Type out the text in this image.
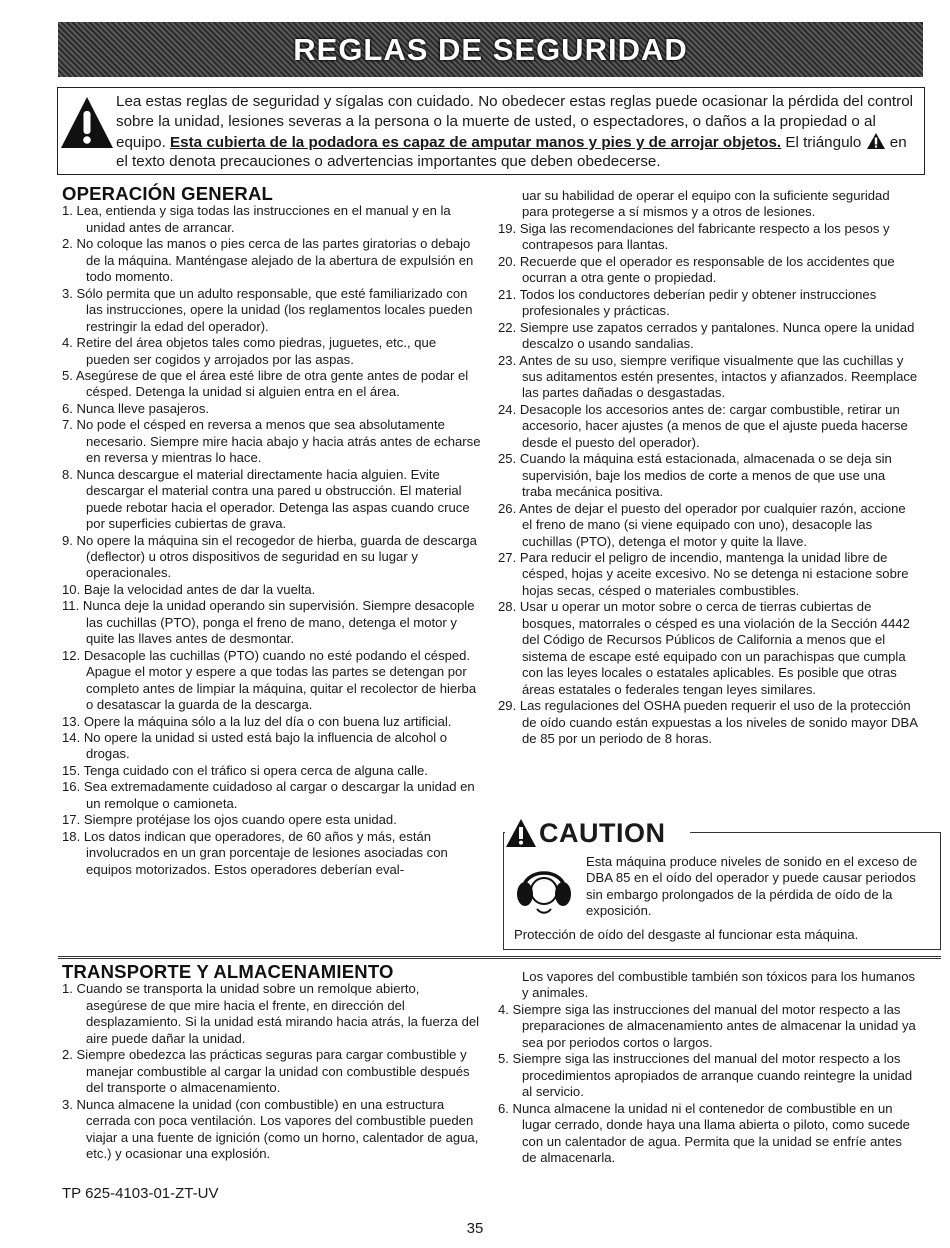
REGLAS DE SEGURIDAD

Lea estas reglas de seguridad y sígalas con cuidado. No obedecer estas reglas puede ocasionar la pérdida del control sobre la unidad, lesiones severas a la persona o la muerte de usted, o espectadores, o daños a la propiedad o al equipo. Esta cubierta de la podadora es capaz de amputar manos y pies y de arrojar objetos. El triángulo  en el texto denota precauciones o advertencias importantes que deben obedecerse.

OPERACIÓN GENERAL
1. Lea, entienda y siga todas las instrucciones en el manual y en la unidad antes de arrancar.
2. No coloque las manos o pies cerca de las partes giratorias o debajo de la máquina. Manténgase alejado de la abertura de expulsión en todo momento.
3. Sólo permita que un adulto responsable, que esté familiarizado con las instrucciones, opere la unidad (los reglamentos locales pueden restringir la edad del operador).
4. Retire del área objetos tales como piedras, juguetes, etc., que pueden ser cogidos y arrojados por las aspas.
5. Asegúrese de que el área esté libre de otra gente antes de podar el césped. Detenga la unidad si alguien entra en el área.
6. Nunca lleve pasajeros.
7. No pode el césped en reversa a menos que sea absolutamente necesario. Siempre mire hacia abajo y hacia atrás antes de echarse en reversa y mientras lo hace.
8. Nunca descargue el material directamente hacia alguien. Evite descargar el material contra una pared u obstrucción. El material puede rebotar hacia el operador. Detenga las aspas cuando cruce por superficies cubiertas de grava.
9. No opere la máquina sin el recogedor de hierba, guarda de descarga (deflector) u otros dispositivos de seguridad en su lugar y operacionales.
10. Baje la velocidad antes de dar la vuelta.
11. Nunca deje la unidad operando sin supervisión. Siempre desacople las cuchillas (PTO), ponga el freno de mano, detenga el motor y quite las llaves antes de desmontar.
12. Desacople las cuchillas (PTO) cuando no esté podando el césped. Apague el motor y espere a que todas las partes se detengan por completo antes de limpiar la máquina, quitar el recolector de hierba o desatascar la guarda de la descarga.
13. Opere la máquina sólo a la luz del día o con buena luz artificial.
14. No opere la unidad si usted está bajo la influencia de alcohol o drogas.
15. Tenga cuidado con el tráfico si opera cerca de alguna calle.
16. Sea extremadamente cuidadoso al cargar o descargar la unidad en un remolque o camioneta.
17. Siempre protéjase los ojos cuando opere esta unidad.
18. Los datos indican que operadores, de 60 años y más, están involucrados en un gran porcentaje de lesiones asociadas con equipos motorizados. Estos operadores deberían eval-

uar su habilidad de operar el equipo con la suficiente seguridad para protegerse a sí mismos y a otros de lesiones.

19. Siga las recomendaciones del fabricante respecto a los pesos y contrapesos para llantas.
20. Recuerde que el operador es responsable de los accidentes que ocurran a otra gente o propiedad.
21. Todos los conductores deberían pedir y obtener instrucciones profesionales y prácticas.
22. Siempre use zapatos cerrados y pantalones. Nunca opere la unidad descalzo o usando sandalias.
23. Antes de su uso, siempre verifique visualmente que las cuchillas y sus aditamentos estén presentes, intactos y afianzados. Reemplace las partes dañadas o desgastadas.
24. Desacople los accesorios antes de: cargar combustible, retirar un accesorio, hacer ajustes (a menos de que el ajuste pueda hacerse desde el puesto del operador).
25. Cuando la máquina está estacionada, almacenada o se deja sin supervisión, baje los medios de corte a menos de que use una traba mecánica positiva.
26. Antes de dejar el puesto del operador por cualquier razón, accione el freno de mano (si viene equipado con uno), desacople las cuchillas (PTO), detenga el motor y quite la llave.
27. Para reducir el peligro de incendio, mantenga la unidad libre de césped, hojas y aceite excesivo. No se detenga ni estacione sobre hojas secas, césped o materiales combustibles.
28. Usar u operar un motor sobre o cerca de tierras cubiertas de bosques, matorrales o césped es una violación de la Sección 4442 del Código de Recursos Públicos de California a menos que el sistema de escape esté equipado con un parachispas que cumpla con las leyes locales o estatales aplicables. Es posible que otras áreas estatales o federales tengan leyes similares.
29. Las regulaciones del OSHA pueden requerir el uso de la protección de oído cuando están expuestas a los niveles de sonido mayor DBA de 85 por un periodo de 8 horas.
CAUTION

Esta máquina produce niveles de sonido en el exceso de DBA 85 en el oído del operador y puede causar periodos sin embargo prolongados de la pérdida de oído de la exposición.

Protección de oído del desgaste al funcionar esta máquina.

TRANSPORTE Y ALMACENAMIENTO
1. Cuando se transporta la unidad sobre un remolque abierto, asegúrese de que mire hacia el frente, en dirección del desplazamiento. Si la unidad está mirando hacia atrás, la fuerza del aire puede dañar la unidad.
2. Siempre obedezca las prácticas seguras para cargar combustible y manejar combustible al cargar la unidad con combustible después del transporte o almacenamiento.
3. Nunca almacene la unidad (con combustible) en una estructura cerrada con poca ventilación. Los vapores del combustible pueden viajar a una fuente de ignición (como un horno, calentador de agua, etc.) y ocasionar una explosión.

Los vapores del combustible también son tóxicos para los humanos y animales.

4. Siempre siga las instrucciones del manual del motor respecto a las preparaciones de almacenamiento antes de almacenar la unidad ya sea por periodos cortos o largos.
5. Siempre siga las instrucciones del manual del motor respecto a los procedimientos apropiados de arranque cuando reintegre la unidad al servicio.
6. Nunca almacene la unidad ni el contenedor de combustible en un lugar cerrado, donde haya una llama abierta o piloto, como sucede con un calentador de agua. Permita que la unidad se enfríe antes de almacenarla.
TP 625-4103-01-ZT-UV
35
